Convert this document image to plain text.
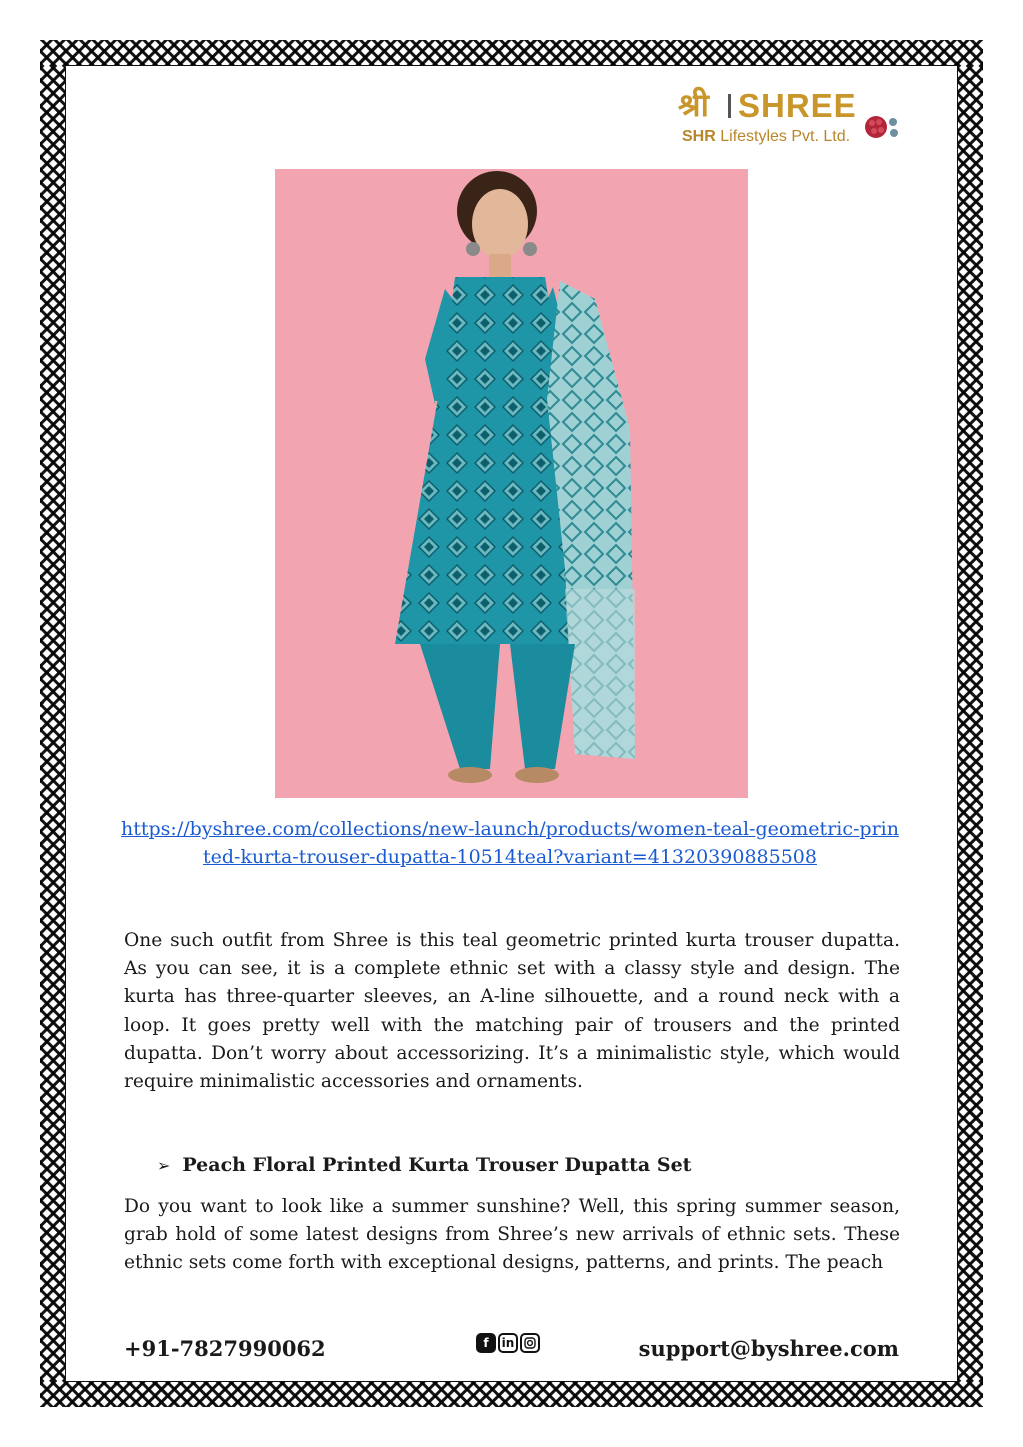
श्री SHREE
SHR Lifestyles Pvt. Ltd.
https://byshree.com/collections/new-launch/products/women-teal-geometric-printed-kurta-trouser-dupatta-10514teal?variant=41320390885508

One such outfit from Shree is this teal geometric printed kurta trouser dupatta. As you can see, it is a complete ethnic set with a classy style and design. The kurta has three-quarter sleeves, an A-line silhouette, and a round neck with a loop. It goes pretty well with the matching pair of trousers and the printed dupatta. Don’t worry about accessorizing. It’s a minimalistic style, which would require minimalistic accessories and ornaments.

➢ Peach Floral Printed Kurta Trouser Dupatta Set

Do you want to look like a summer sunshine? Well, this spring summer season, grab hold of some latest designs from Shree’s new arrivals of ethnic sets. These ethnic sets come forth with exceptional designs, patterns, and prints. The peach

+91-7827990062	f	in	support@byshree.com
